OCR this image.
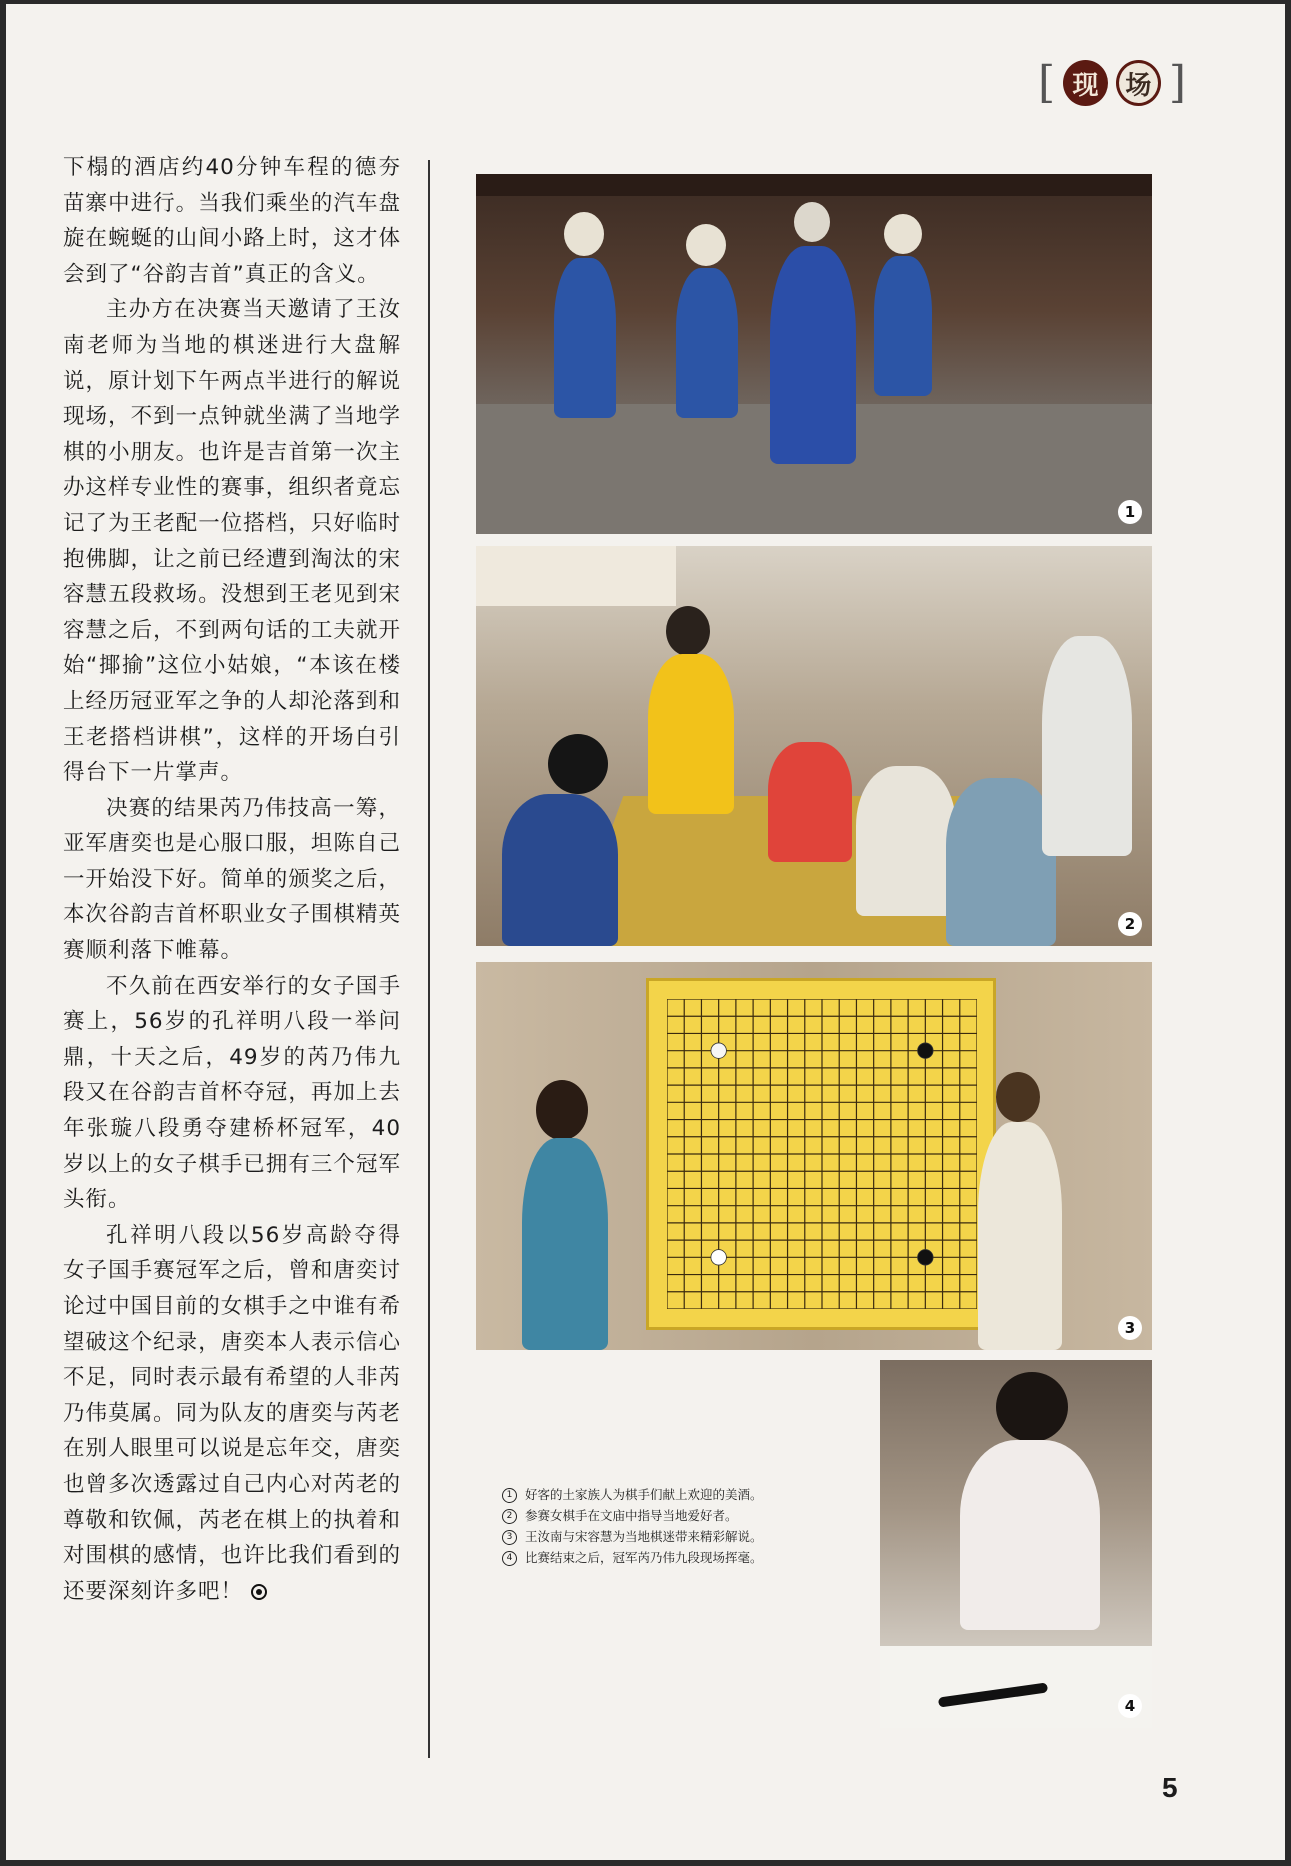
[ 现	场 ]

下榻的酒店约40分钟车程的德夯苗寨中进行。当我们乘坐的汽车盘旋在蜿蜒的山间小路上时，这才体会到了“谷韵吉首”真正的含义。

主办方在决赛当天邀请了王汝南老师为当地的棋迷进行大盘解说，原计划下午两点半进行的解说现场，不到一点钟就坐满了当地学棋的小朋友。也许是吉首第一次主办这样专业性的赛事，组织者竟忘记了为王老配一位搭档，只好临时抱佛脚，让之前已经遭到淘汰的宋容慧五段救场。没想到王老见到宋容慧之后，不到两句话的工夫就开始“揶揄”这位小姑娘，“本该在楼上经历冠亚军之争的人却沦落到和王老搭档讲棋”，这样的开场白引得台下一片掌声。

决赛的结果芮乃伟技高一筹，亚军唐奕也是心服口服，坦陈自己一开始没下好。简单的颁奖之后，本次谷韵吉首杯职业女子围棋精英赛顺利落下帷幕。

不久前在西安举行的女子国手赛上，56岁的孔祥明八段一举问鼎，十天之后，49岁的芮乃伟九段又在谷韵吉首杯夺冠，再加上去年张璇八段勇夺建桥杯冠军，40岁以上的女子棋手已拥有三个冠军头衔。

孔祥明八段以56岁高龄夺得女子国手赛冠军之后，曾和唐奕讨论过中国目前的女棋手之中谁有希望破这个纪录，唐奕本人表示信心不足，同时表示最有希望的人非芮乃伟莫属。同为队友的唐奕与芮老在别人眼里可以说是忘年交，唐奕也曾多次透露过自己内心对芮老的尊敬和钦佩，芮老在棋上的执着和对围棋的感情，也许比我们看到的还要深刻许多吧！

1
2
3
4
1	好客的土家族人为棋手们献上欢迎的美酒。
2	参赛女棋手在文庙中指导当地爱好者。
3	王汝南与宋容慧为当地棋迷带来精彩解说。
4	比赛结束之后，冠军芮乃伟九段现场挥毫。
5
